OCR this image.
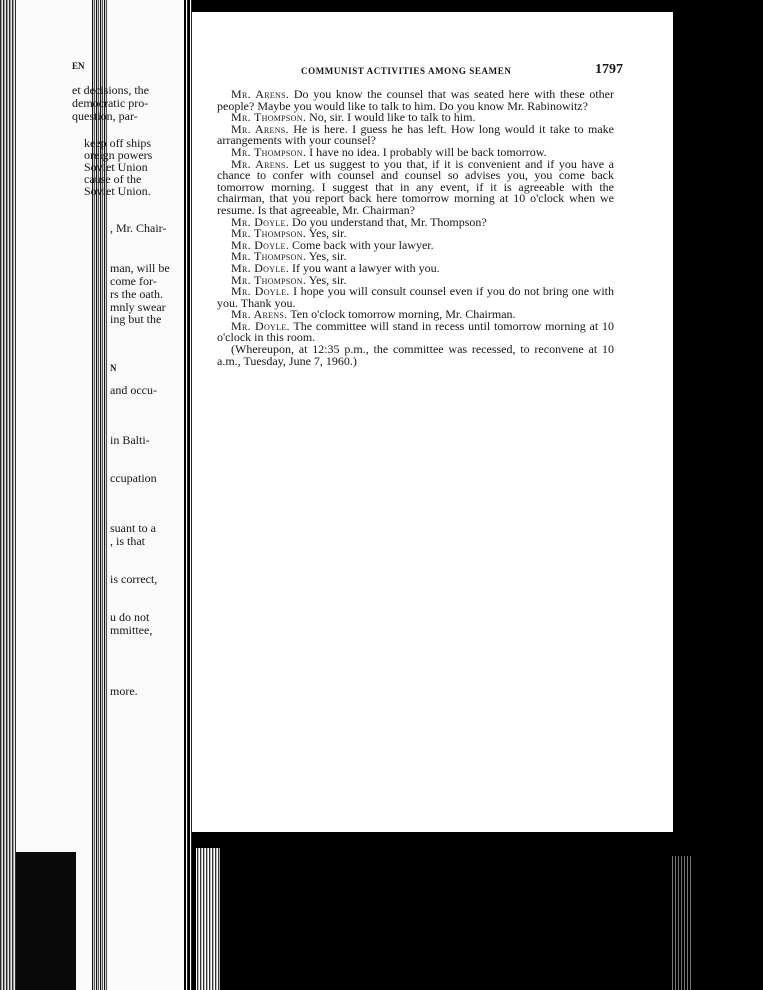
EN
et decisions, the
democratic pro-
question, par-
keep off ships
oreign powers
Soviet Union
cause of the
Soviet Union.
, Mr. Chair-
man, will be
come for-
rs the oath.
mnly swear
ing but the
N
and occu-
in Balti-
ccupation
suant to a
, is that
is correct,
u do not
mmittee,
more.
COMMUNIST ACTIVITIES AMONG SEAMEN	1797

Mr. Arens. Do you know the counsel that was seated here with these other people? Maybe you would like to talk to him. Do you know Mr. Rabinowitz?

Mr. Thompson. No, sir. I would like to talk to him.

Mr. Arens. He is here. I guess he has left. How long would it take to make arrangements with your counsel?

Mr. Thompson. I have no idea. I probably will be back tomorrow.

Mr. Arens. Let us suggest to you that, if it is convenient and if you have a chance to confer with counsel and counsel so advises you, you come back tomorrow morning. I suggest that in any event, if it is agreeable with the chairman, that you report back here tomorrow morning at 10 o'clock when we resume. Is that agreeable, Mr. Chairman?

Mr. Doyle. Do you understand that, Mr. Thompson?

Mr. Thompson. Yes, sir.

Mr. Doyle. Come back with your lawyer.

Mr. Thompson. Yes, sir.

Mr. Doyle. If you want a lawyer with you.

Mr. Thompson. Yes, sir.

Mr. Doyle. I hope you will consult counsel even if you do not bring one with you. Thank you.

Mr. Arens. Ten o'clock tomorrow morning, Mr. Chairman.

Mr. Doyle. The committee will stand in recess until tomorrow morning at 10 o'clock in this room.

(Whereupon, at 12:35 p.m., the committee was recessed, to reconvene at 10 a.m., Tuesday, June 7, 1960.)
